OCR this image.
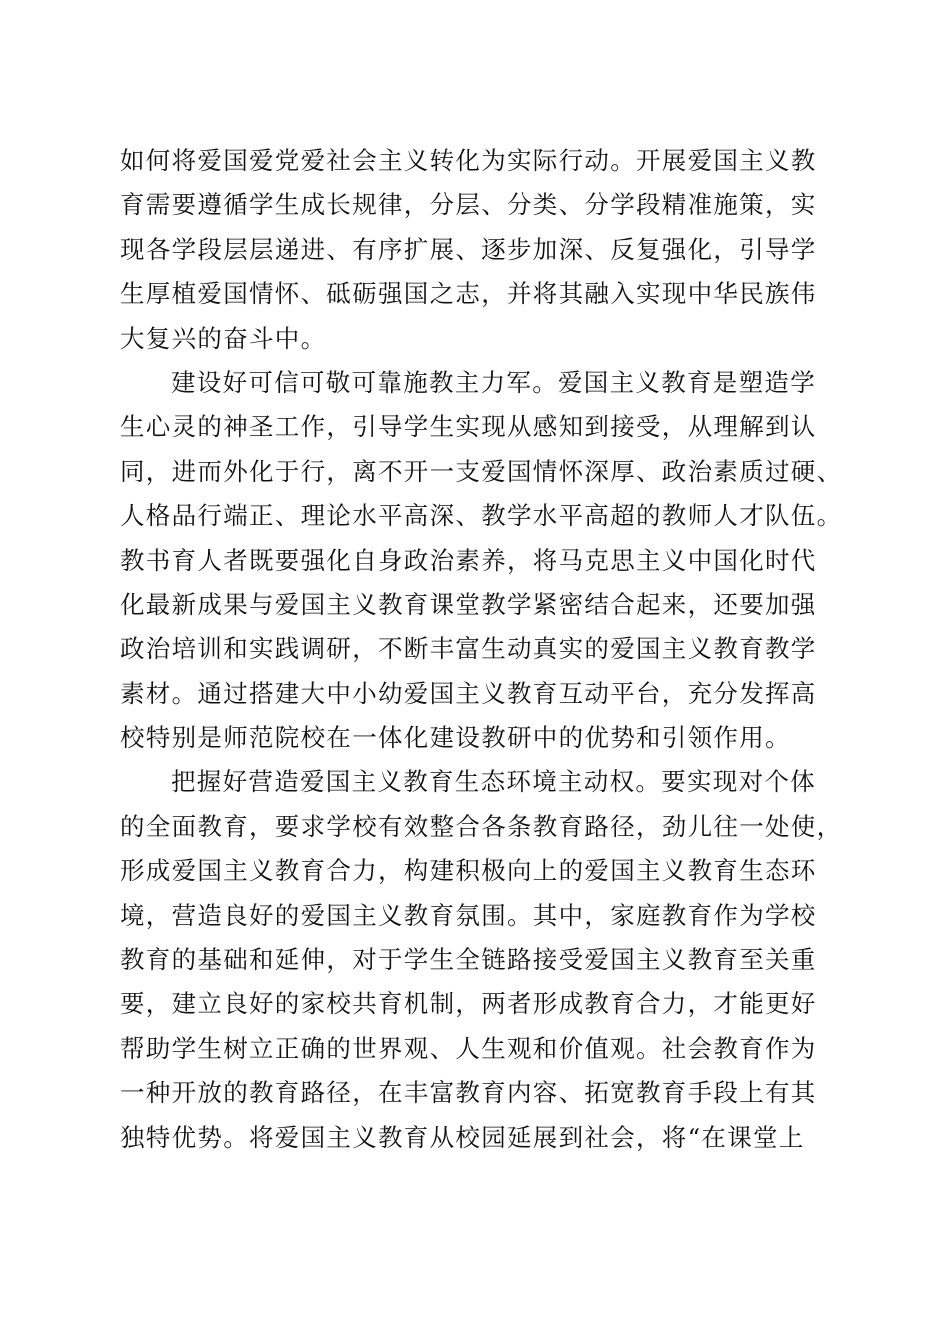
如何将爱国爱党爱社会主义转化为实际行动。开展爱国主义教
育需要遵循学生成长规律，分层、分类、分学段精准施策，实
现各学段层层递进、有序扩展、逐步加深、反复强化，引导学
生厚植爱国情怀、砥砺强国之志，并将其融入实现中华民族伟
大复兴的奋斗中。
建设好可信可敬可靠施教主力军。爱国主义教育是塑造学
生心灵的神圣工作，引导学生实现从感知到接受，从理解到认
同，进而外化于行，离不开一支爱国情怀深厚、政治素质过硬、
人格品行端正、理论水平高深、教学水平高超的教师人才队伍。
教书育人者既要强化自身政治素养，将马克思主义中国化时代
化最新成果与爱国主义教育课堂教学紧密结合起来，还要加强
政治培训和实践调研，不断丰富生动真实的爱国主义教育教学
素材。通过搭建大中小幼爱国主义教育互动平台，充分发挥高
校特别是师范院校在一体化建设教研中的优势和引领作用。
把握好营造爱国主义教育生态环境主动权。要实现对个体
的全面教育，要求学校有效整合各条教育路径，劲儿往一处使，
形成爱国主义教育合力，构建积极向上的爱国主义教育生态环
境，营造良好的爱国主义教育氛围。其中，家庭教育作为学校
教育的基础和延伸，对于学生全链路接受爱国主义教育至关重
要，建立良好的家校共育机制，两者形成教育合力，才能更好
帮助学生树立正确的世界观、人生观和价值观。社会教育作为
一种开放的教育路径，在丰富教育内容、拓宽教育手段上有其
独特优势。将爱国主义教育从校园延展到社会，将“在课堂上
